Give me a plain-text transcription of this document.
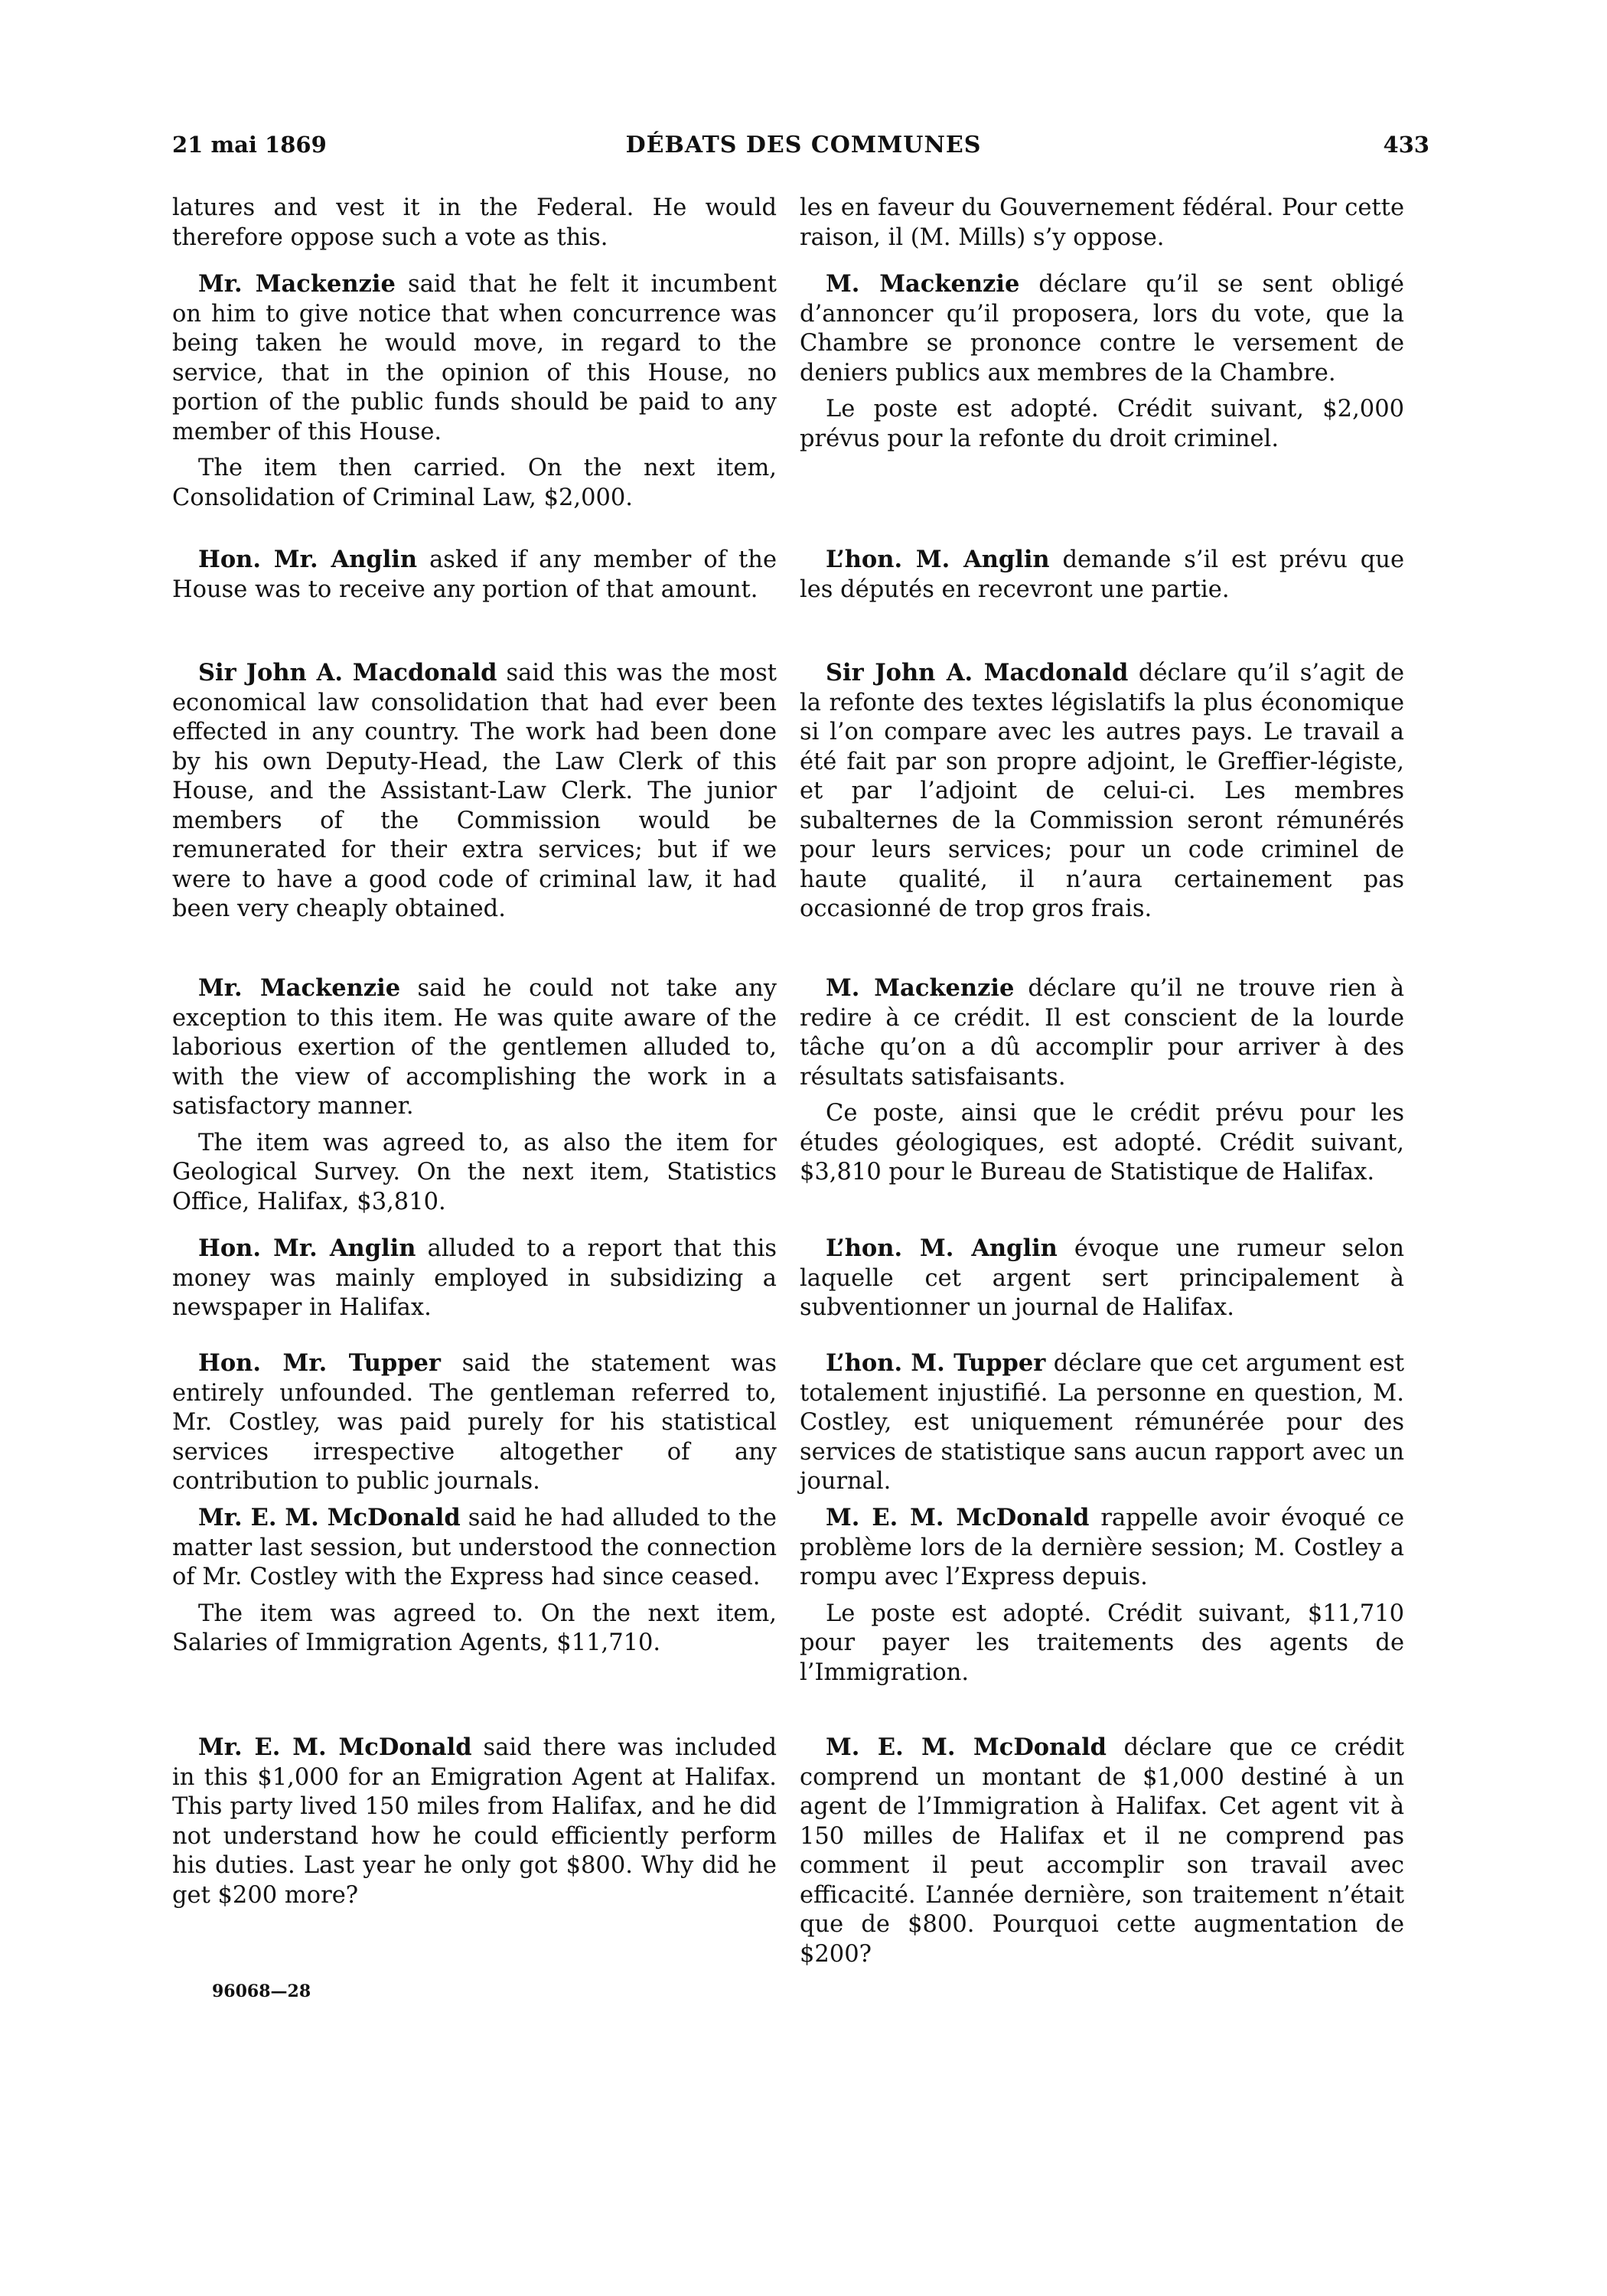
21 mai 1869	DÉBATS DES COMMUNES	433

latures and vest it in the Federal. He would therefore oppose such a vote as this.

Mr. Mackenzie said that he felt it incumbent on him to give notice that when concurrence was being taken he would move, in regard to the service, that in the opinion of this House, no portion of the public funds should be paid to any member of this House.

The item then carried. On the next item, Consolidation of Criminal Law, $2,000.

Hon. Mr. Anglin asked if any member of the House was to receive any portion of that amount.

Sir John A. Macdonald said this was the most economical law consolidation that had ever been effected in any country. The work had been done by his own Deputy-Head, the Law Clerk of this House, and the Assistant-Law Clerk. The junior members of the Commission would be remunerated for their extra services; but if we were to have a good code of criminal law, it had been very cheaply obtained.

Mr. Mackenzie said he could not take any exception to this item. He was quite aware of the laborious exertion of the gentlemen alluded to, with the view of accomplishing the work in a satisfactory manner.

The item was agreed to, as also the item for Geological Survey. On the next item, Statistics Office, Halifax, $3,810.

Hon. Mr. Anglin alluded to a report that this money was mainly employed in subsidizing a newspaper in Halifax.

Hon. Mr. Tupper said the statement was entirely unfounded. The gentleman referred to, Mr. Costley, was paid purely for his statistical services irrespective altogether of any contribution to public journals.

Mr. E. M. McDonald said he had alluded to the matter last session, but understood the connection of Mr. Costley with the Express had since ceased.

The item was agreed to. On the next item, Salaries of Immigration Agents, $11,710.

Mr. E. M. McDonald said there was included in this $1,000 for an Emigration Agent at Halifax. This party lived 150 miles from Halifax, and he did not understand how he could efficiently perform his duties. Last year he only got $800. Why did he get $200 more?

les en faveur du Gouvernement fédéral. Pour cette raison, il (M. Mills) s’y oppose.

M. Mackenzie déclare qu’il se sent obligé d’annoncer qu’il proposera, lors du vote, que la Chambre se prononce contre le versement de deniers publics aux membres de la Chambre.

Le poste est adopté. Crédit suivant, $2,000 prévus pour la refonte du droit criminel.

L’hon. M. Anglin demande s’il est prévu que les députés en recevront une partie.

Sir John A. Macdonald déclare qu’il s’agit de la refonte des textes législatifs la plus économique si l’on compare avec les autres pays. Le travail a été fait par son propre adjoint, le Greffier-légiste, et par l’adjoint de celui-ci. Les membres subalternes de la Commission seront rémunérés pour leurs services; pour un code criminel de haute qualité, il n’aura certainement pas occasionné de trop gros frais.

M. Mackenzie déclare qu’il ne trouve rien à redire à ce crédit. Il est conscient de la lourde tâche qu’on a dû accomplir pour arriver à des résultats satisfaisants.

Ce poste, ainsi que le crédit prévu pour les études géologiques, est adopté. Crédit suivant, $3,810 pour le Bureau de Statistique de Halifax.

L’hon. M. Anglin évoque une rumeur selon laquelle cet argent sert principalement à subventionner un journal de Halifax.

L’hon. M. Tupper déclare que cet argument est totalement injustifié. La personne en question, M. Costley, est uniquement rémunérée pour des services de statistique sans aucun rapport avec un journal.

M. E. M. McDonald rappelle avoir évoqué ce problème lors de la dernière session; M. Costley a rompu avec l’Express depuis.

Le poste est adopté. Crédit suivant, $11,710 pour payer les traitements des agents de l’Immigration.

M. E. M. McDonald déclare que ce crédit comprend un montant de $1,000 destiné à un agent de l’Immigration à Halifax. Cet agent vit à 150 milles de Halifax et il ne comprend pas comment il peut accomplir son travail avec efficacité. L’année dernière, son traitement n’était que de $800. Pourquoi cette augmentation de $200?

96068—28
